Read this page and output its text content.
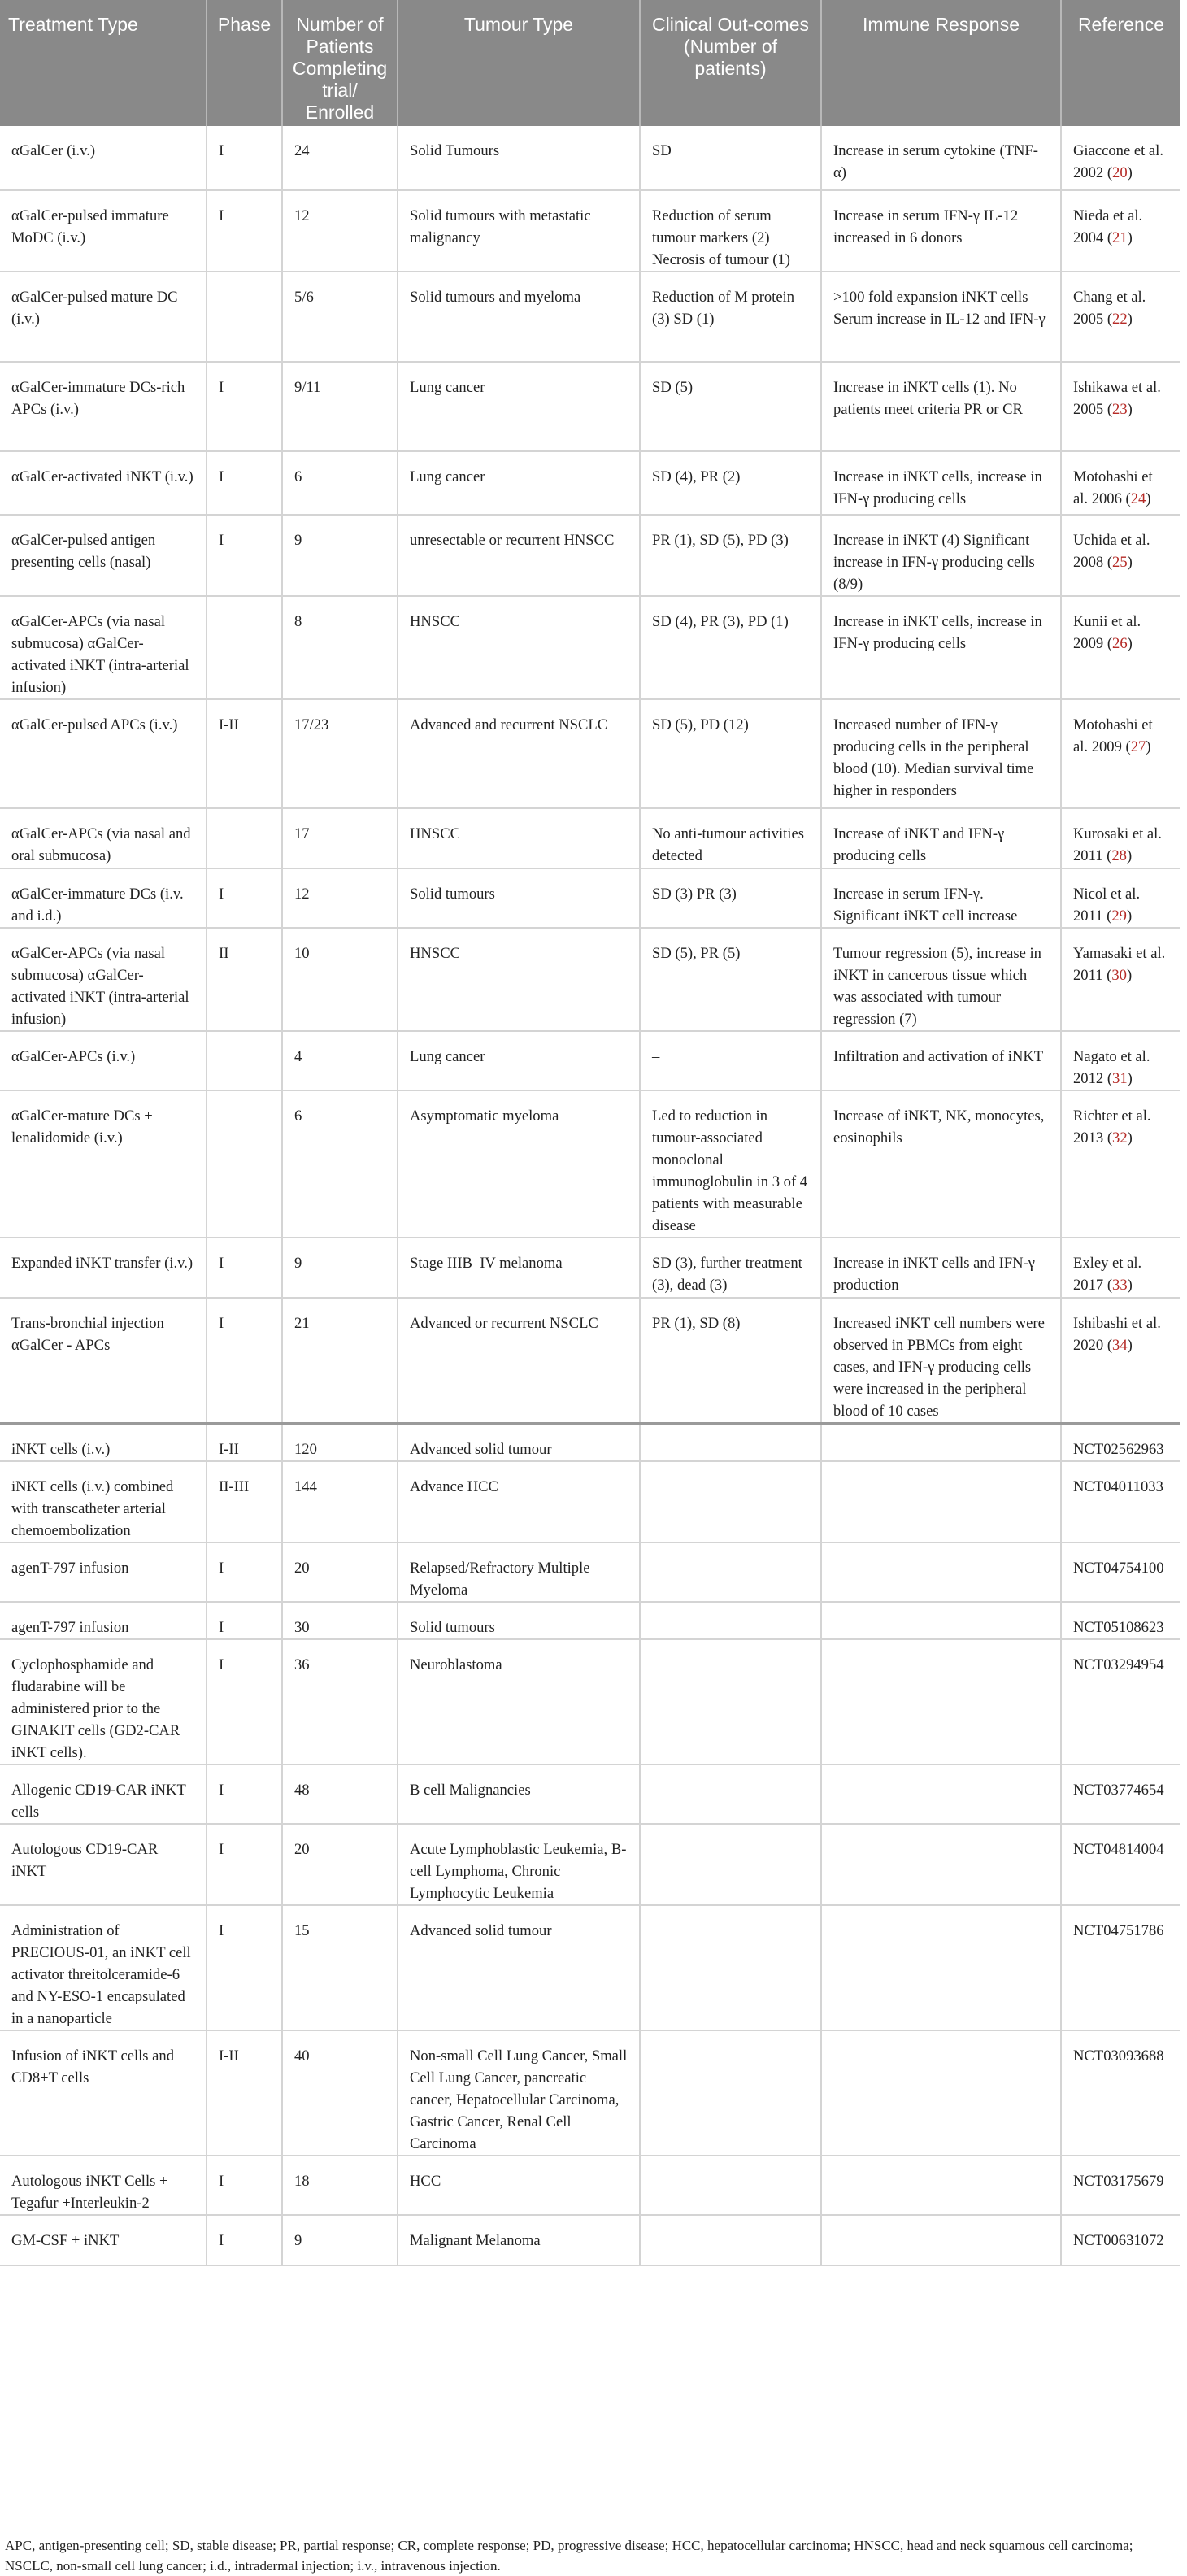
Treatment Type	Phase	Number of Patients Completing trial/ Enrolled	Tumour Type	Clinical Out-comes (Number of patients)	Immune Response	Reference
αGalCer (i.v.)	I	24	Solid Tumours	SD	Increase in serum cytokine (TNF-α)	Giaccone et al. 2002 (20)
αGalCer-pulsed immature MoDC (i.v.)	I	12	Solid tumours with metastatic malignancy	Reduction of serum tumour markers (2) Necrosis of tumour (1)	Increase in serum IFN-γ IL-12 increased in 6 donors	Nieda et al. 2004 (21)
αGalCer-pulsed mature DC (i.v.)		5/6	Solid tumours and myeloma	Reduction of M protein (3) SD (1)	>100 fold expansion iNKT cells Serum increase in IL-12 and IFN-γ	Chang et al. 2005 (22)
αGalCer-immature DCs-rich APCs (i.v.)	I	9/11	Lung cancer	SD (5)	Increase in iNKT cells (1). No patients meet criteria PR or CR	Ishikawa et al. 2005 (23)
αGalCer-activated iNKT (i.v.)	I	6	Lung cancer	SD (4), PR (2)	Increase in iNKT cells, increase in IFN-γ producing cells	Motohashi et al. 2006 (24)
αGalCer-pulsed antigen presenting cells (nasal)	I	9	unresectable or recurrent HNSCC	PR (1), SD (5), PD (3)	Increase in iNKT (4) Significant increase in IFN-γ producing cells (8/9)	Uchida et al. 2008 (25)
αGalCer-APCs (via nasal submucosa) αGalCer-activated iNKT (intra-arterial infusion)		8	HNSCC	SD (4), PR (3), PD (1)	Increase in iNKT cells, increase in IFN-γ producing cells	Kunii et al. 2009 (26)
αGalCer-pulsed APCs (i.v.)	I-II	17/23	Advanced and recurrent NSCLC	SD (5), PD (12)	Increased number of IFN-γ producing cells in the peripheral blood (10). Median survival time higher in responders	Motohashi et al. 2009 (27)
αGalCer-APCs (via nasal and oral submucosa)		17	HNSCC	No anti-tumour activities detected	Increase of iNKT and IFN-γ producing cells	Kurosaki et al. 2011 (28)
αGalCer-immature DCs (i.v. and i.d.)	I	12	Solid tumours	SD (3) PR (3)	Increase in serum IFN-γ. Significant iNKT cell increase	Nicol et al. 2011 (29)
αGalCer-APCs (via nasal submucosa) αGalCer-activated iNKT (intra-arterial infusion)	II	10	HNSCC	SD (5), PR (5)	Tumour regression (5), increase in iNKT in cancerous tissue which was associated with tumour regression (7)	Yamasaki et al. 2011 (30)
αGalCer-APCs (i.v.)		4	Lung cancer	–	Infiltration and activation of iNKT	Nagato et al. 2012 (31)
αGalCer-mature DCs + lenalidomide (i.v.)		6	Asymptomatic myeloma	Led to reduction in tumour-associated monoclonal immunoglobulin in 3 of 4 patients with measurable disease	Increase of iNKT, NK, monocytes, eosinophils	Richter et al. 2013 (32)
Expanded iNKT transfer (i.v.)	I	9	Stage IIIB–IV melanoma	SD (3), further treatment (3), dead (3)	Increase in iNKT cells and IFN-γ production	Exley et al. 2017 (33)
Trans-bronchial injection αGalCer - APCs	I	21	Advanced or recurrent NSCLC	PR (1), SD (8)	Increased iNKT cell numbers were observed in PBMCs from eight cases, and IFN-γ producing cells were increased in the peripheral blood of 10 cases	Ishibashi et al. 2020 (34)
iNKT cells (i.v.)	I-II	120	Advanced solid tumour			NCT02562963
iNKT cells (i.v.) combined with transcatheter arterial chemoembolization	II-III	144	Advance HCC			NCT04011033
agenT-797 infusion	I	20	Relapsed/Refractory Multiple Myeloma			NCT04754100
agenT-797 infusion	I	30	Solid tumours			NCT05108623
Cyclophosphamide and fludarabine will be administered prior to the GINAKIT cells (GD2-CAR iNKT cells).	I	36	Neuroblastoma			NCT03294954
Allogenic CD19-CAR iNKT cells	I	48	B cell Malignancies			NCT03774654
Autologous CD19-CAR iNKT	I	20	Acute Lymphoblastic Leukemia, B-cell Lymphoma, Chronic Lymphocytic Leukemia			NCT04814004
Administration of PRECIOUS-01, an iNKT cell activator threitolceramide-6 and NY-ESO-1 encapsulated in a nanoparticle	I	15	Advanced solid tumour			NCT04751786
Infusion of iNKT cells and CD8+T cells	I-II	40	Non-small Cell Lung Cancer, Small Cell Lung Cancer, pancreatic cancer, Hepatocellular Carcinoma, Gastric Cancer, Renal Cell Carcinoma			NCT03093688
Autologous iNKT Cells + Tegafur +Interleukin-2	I	18	HCC			NCT03175679
GM-CSF + iNKT	I	9	Malignant Melanoma			NCT00631072
APC, antigen-presenting cell; SD, stable disease; PR, partial response; CR, complete response; PD, progressive disease; HCC, hepatocellular carcinoma; HNSCC, head and neck squamous cell carcinoma; NSCLC, non-small cell lung cancer; i.d., intradermal injection; i.v., intravenous injection.
